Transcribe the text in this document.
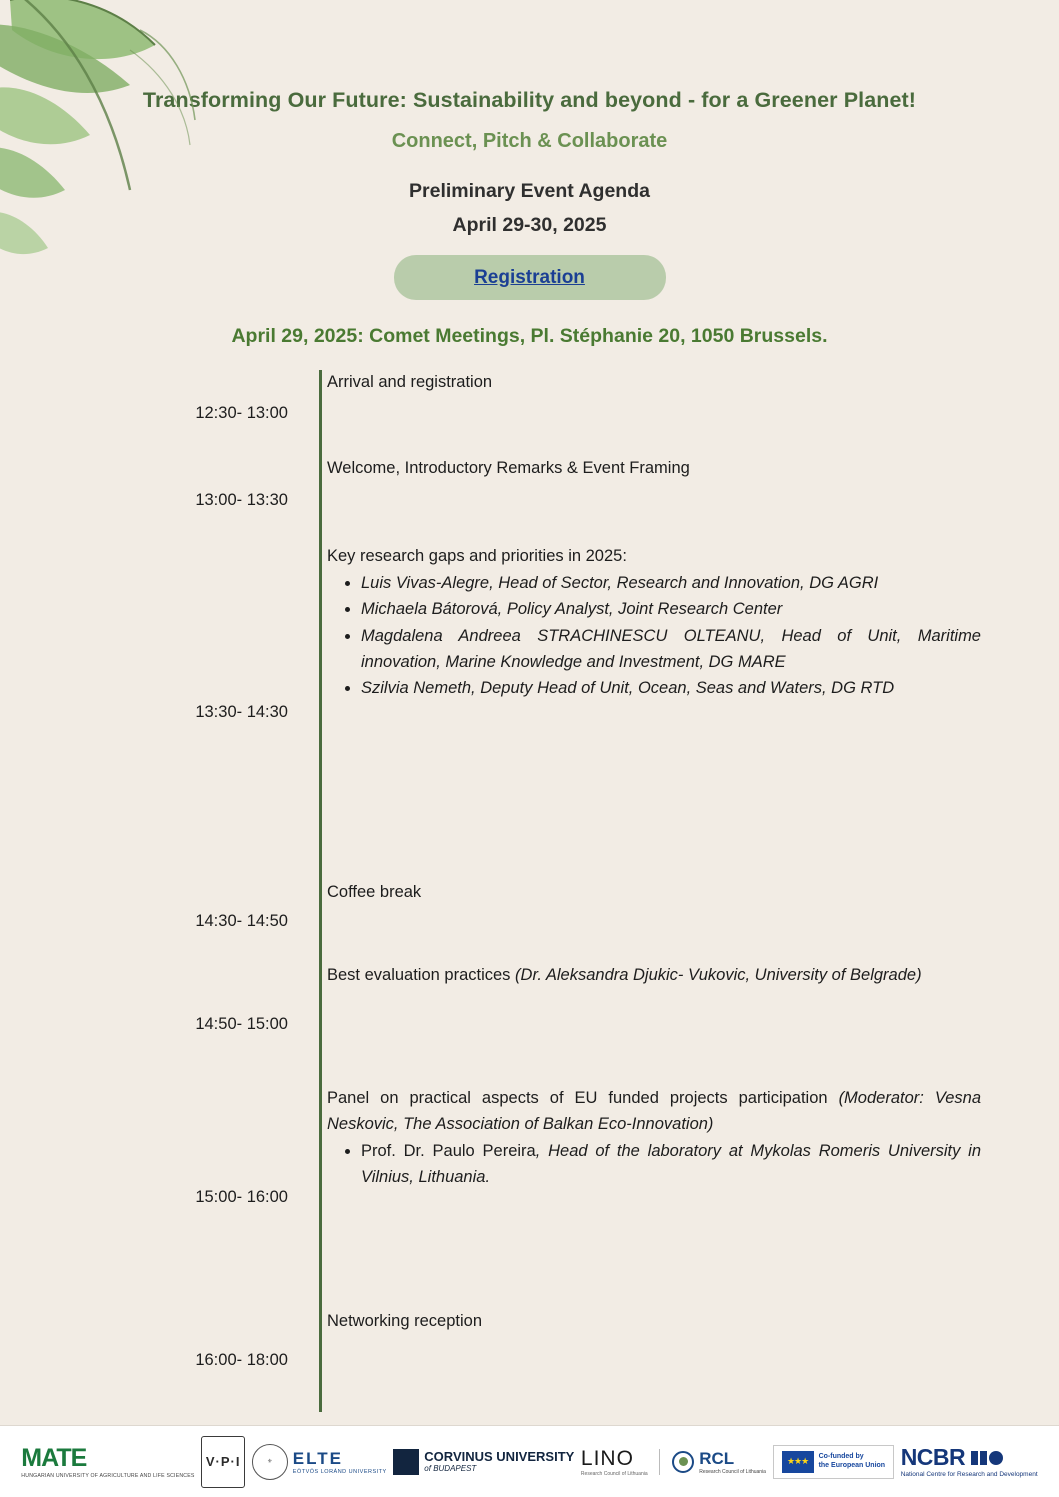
Transforming Our Future: Sustainability and beyond - for a Greener Planet!
Connect, Pitch & Collaborate
Preliminary Event Agenda
April 29-30, 2025
Registration
April 29, 2025: Comet Meetings, Pl. Stéphanie 20, 1050 Brussels.
12:30- 13:00
Arrival and registration
13:00- 13:30
Welcome, Introductory Remarks & Event Framing
13:30- 14:30
Key research gaps and priorities in 2025:
• Luis Vivas-Alegre, Head of Sector, Research and Innovation, DG AGRI
• Michaela Bátorová, Policy Analyst, Joint Research Center
• Magdalena Andreea STRACHINESCU OLTEANU, Head of Unit, Maritime innovation, Marine Knowledge and Investment, DG MARE
• Szilvia Nemeth, Deputy Head of Unit, Ocean, Seas and Waters, DG RTD
14:30- 14:50
Coffee break
14:50- 15:00
Best evaluation practices (Dr. Aleksandra Djukic- Vukovic, University of Belgrade)
15:00- 16:00
Panel on practical aspects of EU funded projects participation (Moderator: Vesna Neskovic, The Association of Balkan Eco-Innovation)
• Prof. Dr. Paulo Pereira, Head of the laboratory at Mykolas Romeris University in Vilnius, Lithuania.
16:00- 18:00
Networking reception
MATE
HUNGARIAN UNIVERSITY OF AGRICULTURE AND LIFE SCIENCES
V·P·I	⚜	ELTE
EÖTVÖS LORÁND UNIVERSITY
CORVINUS UNIVERSITY
of BUDAPEST	LINO
Research Council of Lithuania
RCL
Research Council of Lithuania
★★★	Co-funded by
the European Union NCBR
National Centre for Research and Development
